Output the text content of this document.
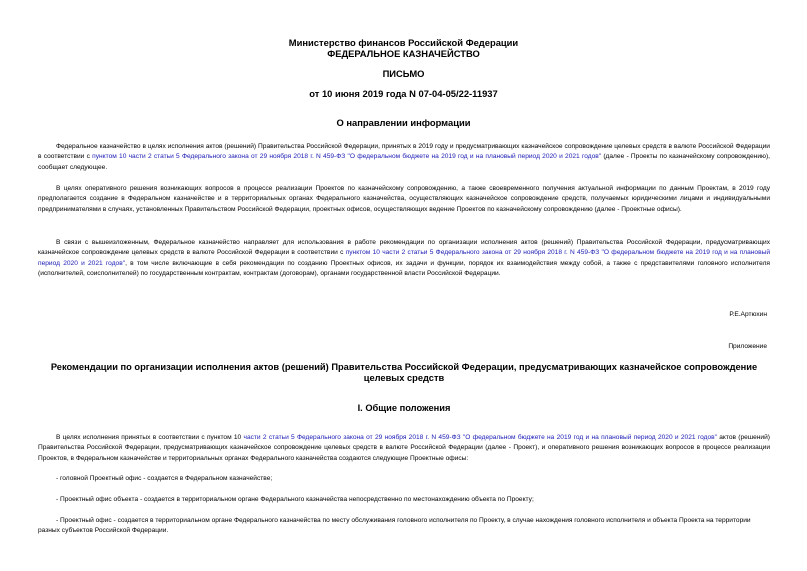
Министерство финансов Российской Федерации
ФЕДЕРАЛЬНОЕ КАЗНАЧЕЙСТВО
ПИСЬМО
от 10 июня 2019 года N 07-04-05/22-11937
О направлении информации
Федеральное казначейство в целях исполнения актов (решений) Правительства Российской Федерации, принятых в 2019 году и предусматривающих казначейское сопровождение целевых средств в валюте Российской Федерации в соответствии с пунктом 10 части 2 статьи 5 Федерального закона от 29 ноября 2018 г. N 459-ФЗ "О федеральном бюджете на 2019 год и на плановый период 2020 и 2021 годов" (далее - Проекты по казначейскому сопровождению), сообщает следующее.
В целях оперативного решения возникающих вопросов в процессе реализации Проектов по казначейскому сопровождению, а также своевременного получения актуальной информации по данным Проектам, в 2019 году предполагается создание в Федеральном казначействе и в территориальных органах Федерального казначейства, осуществляющих казначейское сопровождение средств, получаемых юридическими лицами и индивидуальными предпринимателями в случаях, установленных Правительством Российской Федерации, проектных офисов, осуществляющих ведение Проектов по казначейскому сопровождению (далее - Проектные офисы).
В связи с вышеизложенным, Федеральное казначейство направляет для использования в работе рекомендации по организации исполнения актов (решений) Правительства Российской Федерации, предусматривающих казначейское сопровождение целевых средств в валюте Российской Федерации в соответствии с пунктом 10 части 2 статьи 5 Федерального закона от 29 ноября 2018 г. N 459-ФЗ "О федеральном бюджете на 2019 год и на плановый период 2020 и 2021 годов", в том числе включающие в себя рекомендации по созданию Проектных офисов, их задачи и функции, порядок их взаимодействия между собой, а также с представителями головного исполнителя (исполнителей, соисполнителей) по государственным контрактам, контрактам (договорам), органами государственной власти Российской Федерации.
Р.Е.Артюхин
Приложение
Рекомендации по организации исполнения актов (решений) Правительства Российской Федерации, предусматривающих казначейское сопровождение целевых средств
I. Общие положения
В целях исполнения принятых в соответствии с пунктом 10 части 2 статьи 5 Федерального закона от 29 ноября 2018 г. N 459-ФЗ "О федеральном бюджете на 2019 год и на плановый период 2020 и 2021 годов" актов (решений) Правительства Российской Федерации, предусматривающих казначейское сопровождение целевых средств в валюте Российской Федерации (далее - Проект), и оперативного решения возникающих вопросов в процессе реализации Проектов, в Федеральном казначействе и территориальных органах Федерального казначейства создаются следующие Проектные офисы:
- головной Проектный офис - создается в Федеральном казначействе;
- Проектный офис объекта - создается в территориальном органе Федерального казначейства непосредственно по местонахождению объекта по Проекту;
- Проектный офис - создается в территориальном органе Федерального казначейства по месту обслуживания головного исполнителя по Проекту, в случае нахождения головного исполнителя и объекта Проекта на территории разных субъектов Российской Федерации.
